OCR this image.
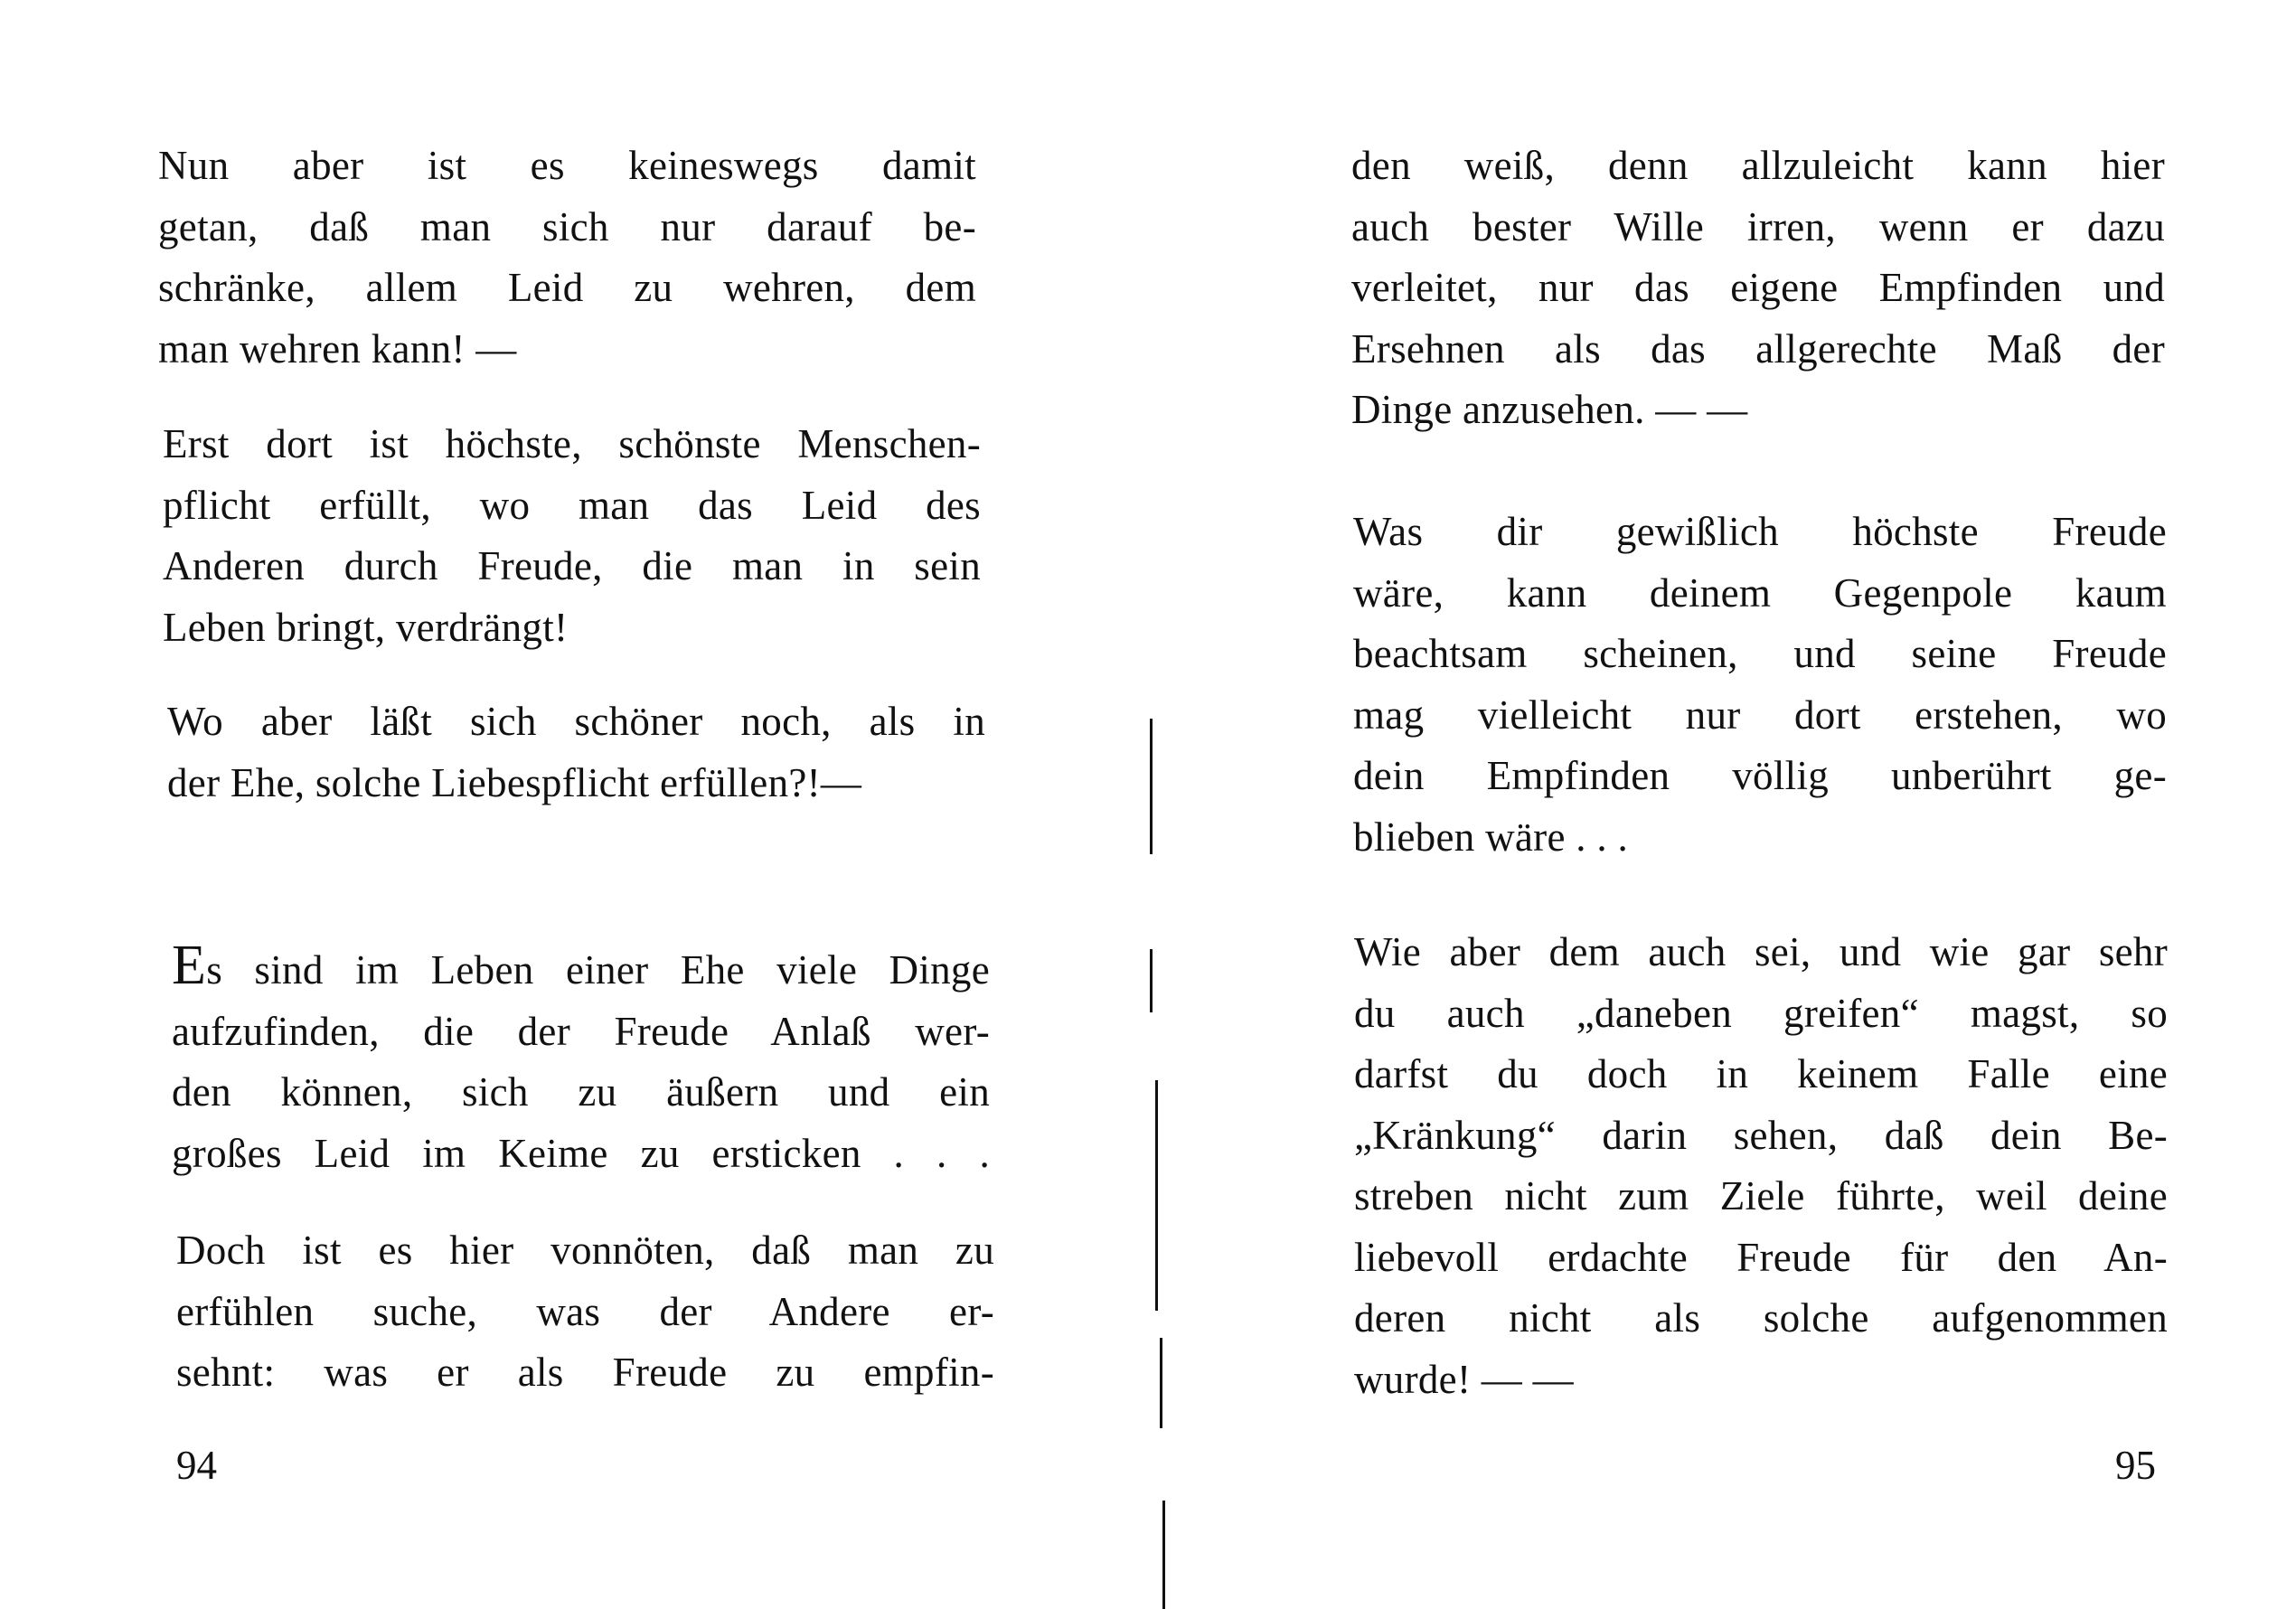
Nun aber ist es keineswegs damit
getan, daß man sich nur darauf be-
schränke, allem Leid zu wehren, dem
man wehren kann! —
Erst dort ist höchste, schönste Menschen-
pflicht erfüllt, wo man das Leid des
Anderen durch Freude, die man in sein
Leben bringt, verdrängt!
Wo aber läßt sich schöner noch, als in
der Ehe, solche Liebespflicht erfüllen?!—
Es sind im Leben einer Ehe viele Dinge
aufzufinden, die der Freude Anlaß wer-
den können, sich zu äußern und ein
großes Leid im Keime zu ersticken . . .
Doch ist es hier vonnöten, daß man zu
erfühlen suche, was der Andere er-
sehnt: was er als Freude zu empfin-
94
den weiß, denn allzuleicht kann hier
auch bester Wille irren, wenn er dazu
verleitet, nur das eigene Empfinden und
Ersehnen als das allgerechte Maß der
Dinge anzusehen. — —
Was dir gewißlich höchste Freude
wäre, kann deinem Gegenpole kaum
beachtsam scheinen, und seine Freude
mag vielleicht nur dort erstehen, wo
dein Empfinden völlig unberührt ge-
blieben wäre . . .
Wie aber dem auch sei, und wie gar sehr
du auch „daneben greifen“ magst, so
darfst du doch in keinem Falle eine
„Kränkung“ darin sehen, daß dein Be-
streben nicht zum Ziele führte, weil deine
liebevoll erdachte Freude für den An-
deren nicht als solche aufgenommen
wurde! — —
95
